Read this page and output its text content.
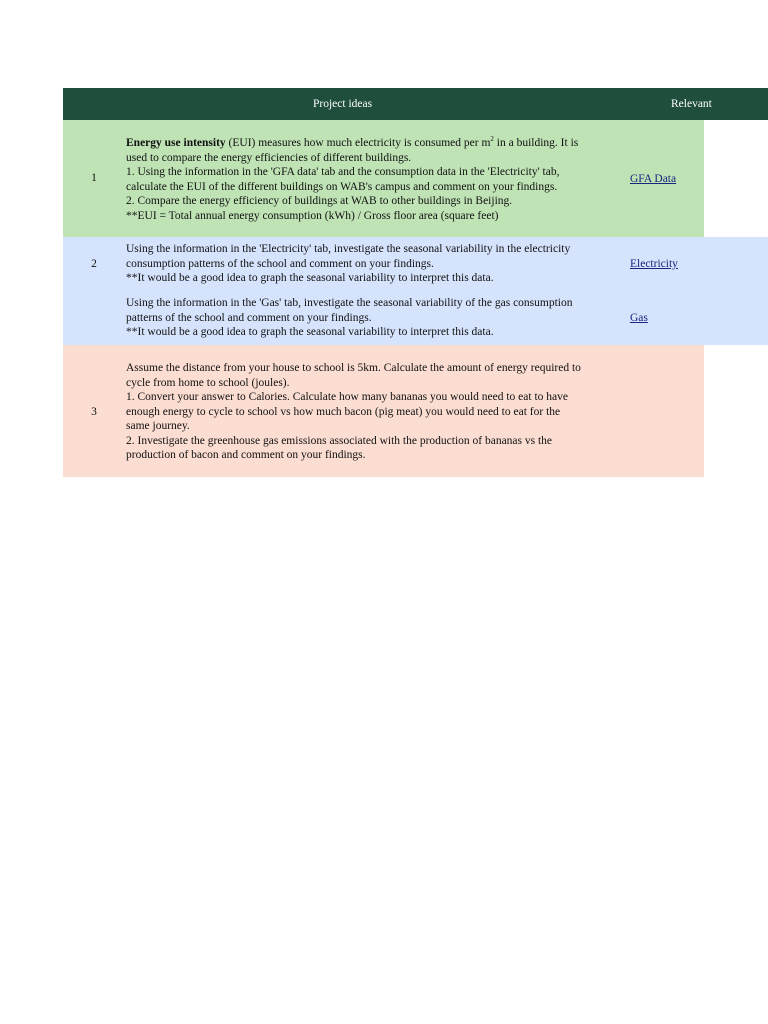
Project ideas	Relevant
1

Energy use intensity (EUI) measures how much electricity is consumed per $m^2$ in a building. It is

used to compare the energy efficiencies of different buildings.

1. Using the information in the 'GFA data' tab and the consumption data in the 'Electricity' tab,

calculate the EUI of the different buildings on WAB's campus and comment on your findings.

2. Compare the energy efficiency of buildings at WAB to other buildings in Beijing.

**EUI = Total annual energy consumption (kWh) / Gross floor area (square feet)

GFA Data
2

Using the information in the 'Electricity' tab, investigate the seasonal variability in the electricity

consumption patterns of the school and comment on your findings.

**It would be a good idea to graph the seasonal variability to interpret this data.

Electricity

Using the information in the 'Gas' tab, investigate the seasonal variability of the gas consumption

patterns of the school and comment on your findings.

**It would be a good idea to graph the seasonal variability to interpret this data.

Gas
3

Assume the distance from your house to school is 5km. Calculate the amount of energy required to

cycle from home to school (joules).

1. Convert your answer to Calories. Calculate how many bananas you would need to eat to have

enough energy to cycle to school vs how much bacon (pig meat) you would need to eat for the

same journey.

2. Investigate the greenhouse gas emissions associated with the production of bananas vs the

production of bacon and comment on your findings.
